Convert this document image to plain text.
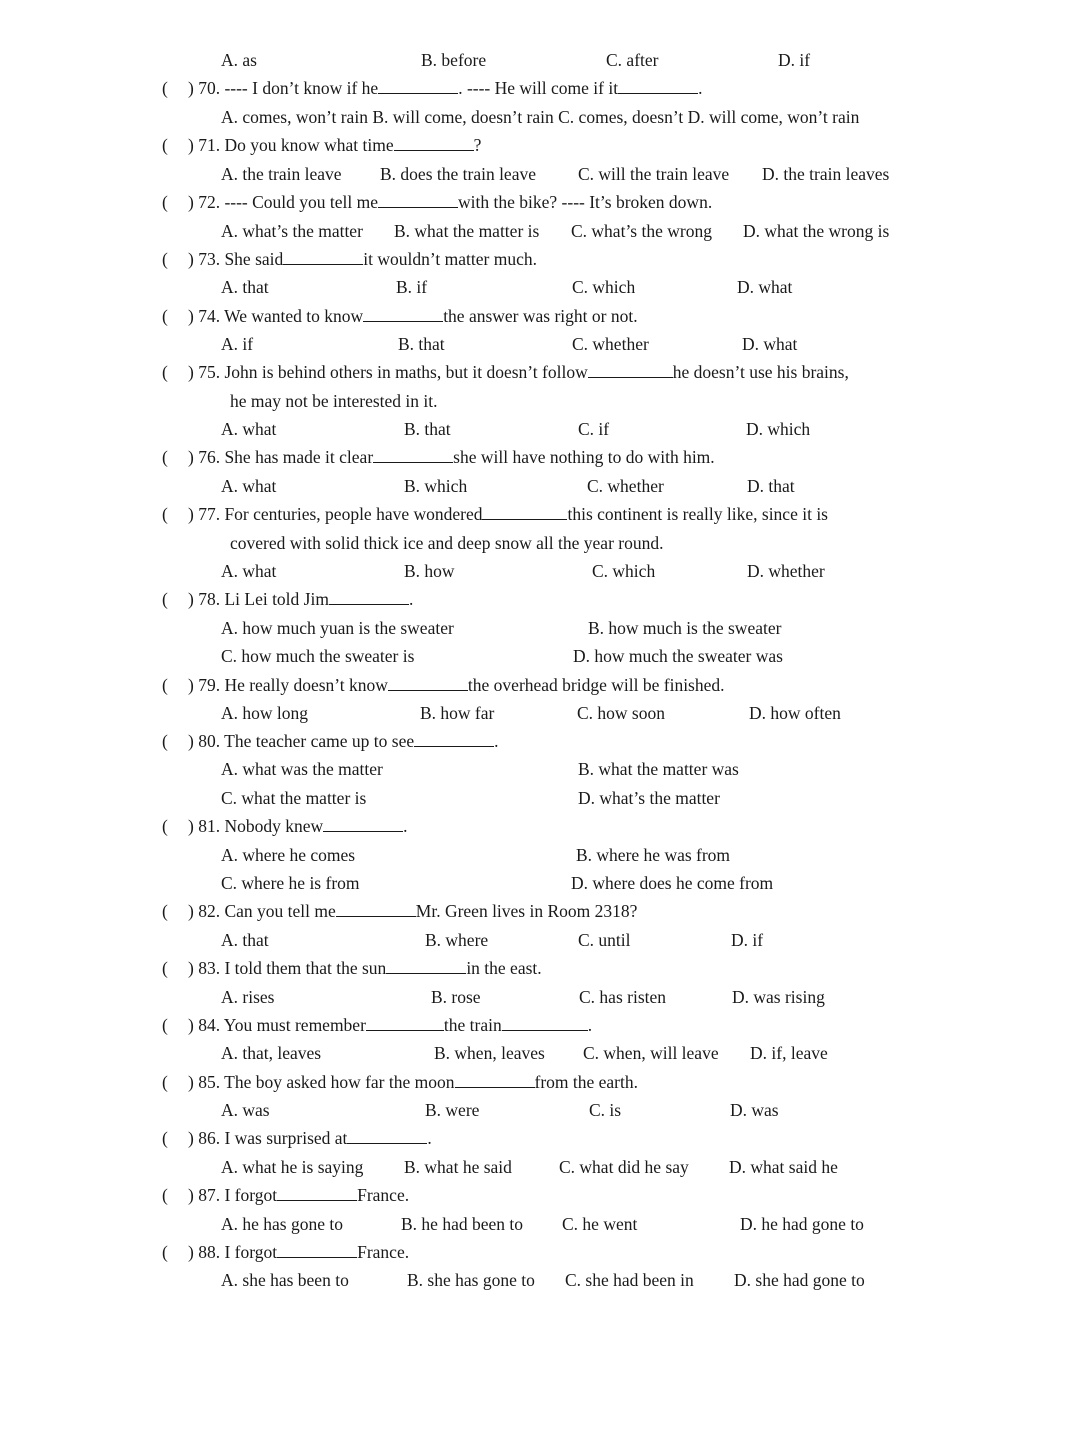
A. as	B. before	C. after	D. if
( ) 70. ---- I don’t know if he	. ---- He will come if it	.
A. comes, won’t rain B. will come, doesn’t rain C. comes, doesn’t D. will come, won’t rain
( ) 71. Do you know what time	?
A. the train leave B. does the train leave C. will the train leave D. the train leaves
( ) 72. ---- Could you tell me	with the bike? ---- It’s broken down.
A. what’s the matter B. what the matter is C. what’s the wrong D. what the wrong is
( ) 73. She said	it wouldn’t matter much.
A. that	B. if	C. which	D. what
( ) 74. We wanted to know	the answer was right or not.
A. if	B. that	C. whether	D. what
( ) 75. John is behind others in maths, but it doesn’t follow	he doesn’t use his brains,
he may not be interested in it.
A. what	B. that	C. if	D. which
( ) 76. She has made it clear	she will have nothing to do with him.
A. what	B. which	C. whether	D. that
( ) 77. For centuries, people have wondered	this continent is really like, since it is
covered with solid thick ice and deep snow all the year round.
A. what	B. how	C. which	D. whether
( ) 78. Li Lei told Jim	.
A. how much yuan is the sweater	B. how much is the sweater
C. how much the sweater is	D. how much the sweater was
( ) 79. He really doesn’t know	the overhead bridge will be finished.
A. how long	B. how far	C. how soon	D. how often
( ) 80. The teacher came up to see	.
A. what was the matter	B. what the matter was
C. what the matter is	D. what’s the matter
( ) 81. Nobody knew	.
A. where he comes	B. where he was from
C. where he is from	D. where does he come from
( ) 82. Can you tell me	Mr. Green lives in Room 2318?
A. that	B. where	C. until	D. if
( ) 83. I told them that the sun	in the east.
A. rises	B. rose	C. has risten	D. was rising
( ) 84. You must remember	the train	.
A. that, leaves	B. when, leaves C. when, will leave D. if, leave
( ) 85. The boy asked how far the moon	from the earth.
A. was	B. were	C. is	D. was
( ) 86. I was surprised at	.
A. what he is saying B. what he said	C. what did he say D. what said he
( ) 87. I forgot	France.
A. he has gone to	B. he had been to C. he went	D. he had gone to
( ) 88. I forgot	France.
A. she has been to	B. she has gone to C. she had been in D. she had gone to
